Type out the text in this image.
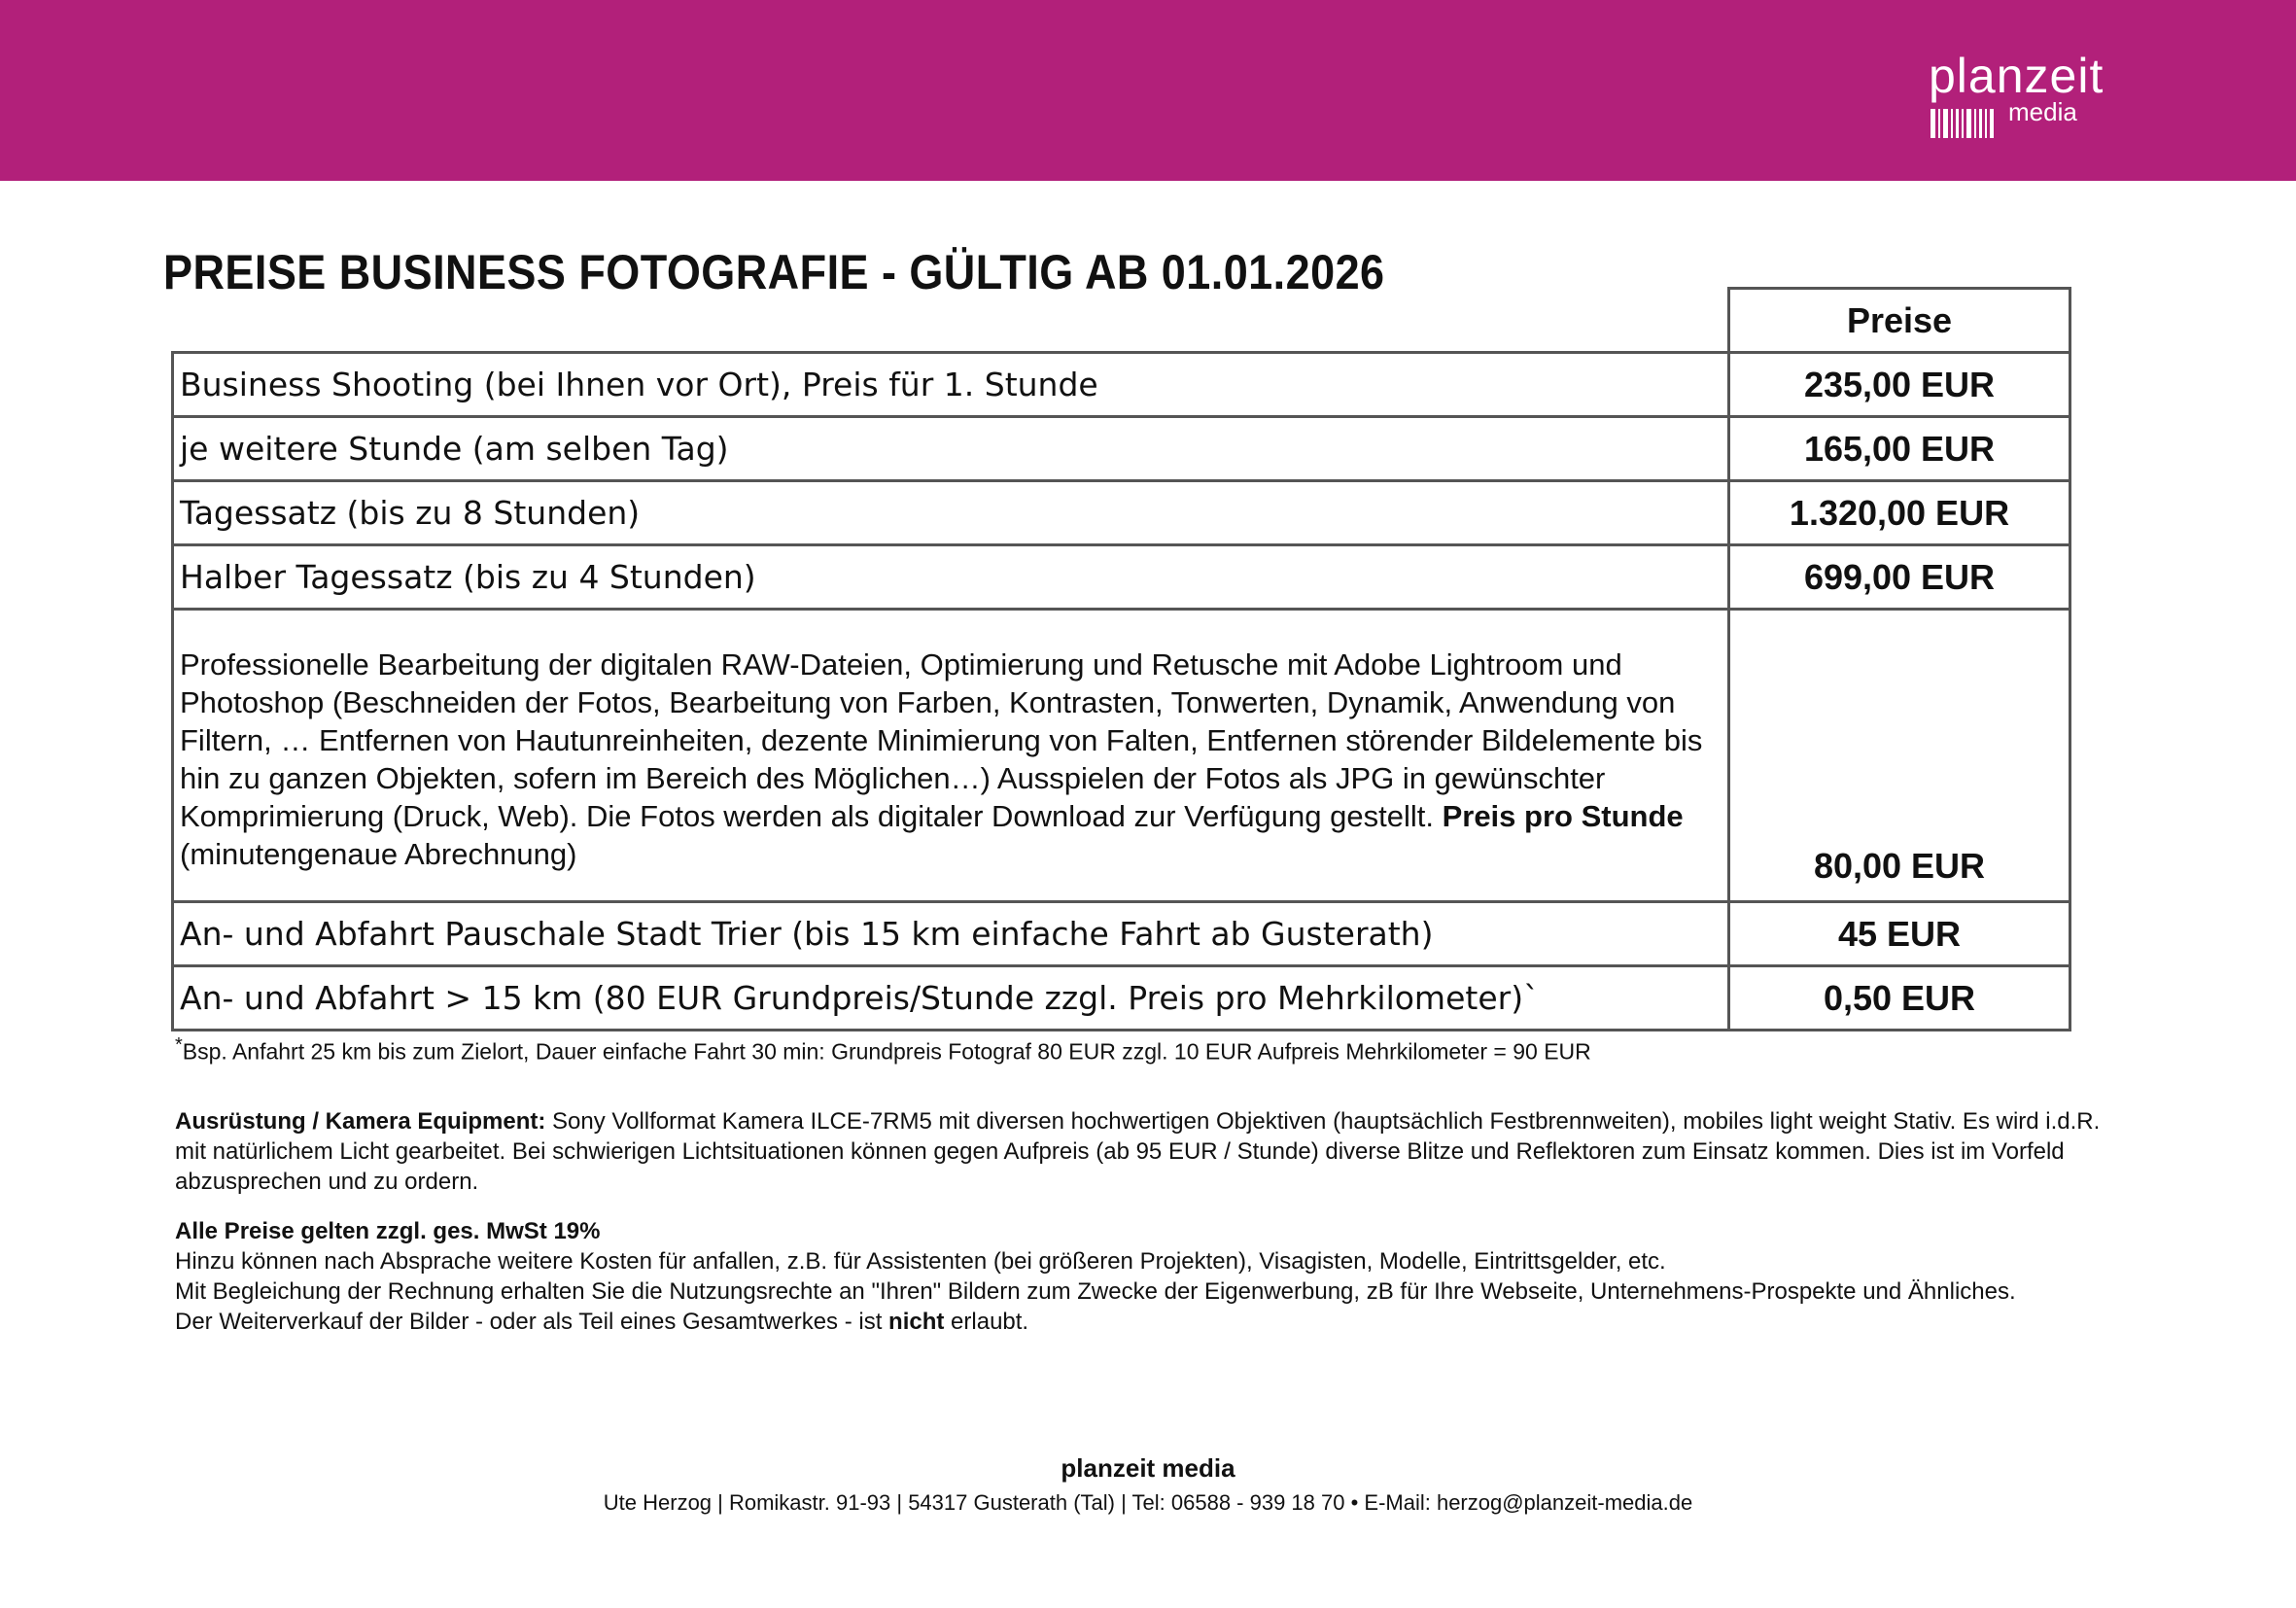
planzeit
media
PREISE BUSINESS FOTOGRAFIE - GÜLTIG AB 01.01.2026
	Preise
Business Shooting (bei Ihnen vor Ort), Preis für 1. Stunde	235,00 EUR
je weitere Stunde (am selben Tag)	165,00 EUR
Tagessatz (bis zu 8 Stunden)	1.320,00 EUR
Halber Tagessatz (bis zu 4 Stunden)	699,00 EUR
Professionelle Bearbeitung der digitalen RAW-Dateien, Optimierung und Retusche mit Adobe Lightroom und Photoshop (Beschneiden der Fotos, Bearbeitung von Farben, Kontrasten, Tonwerten, Dynamik, Anwendung von Filtern, … Entfernen von Hautunreinheiten, dezente Minimierung von Falten, Entfernen störender Bildelemente bis hin zu ganzen Objekten, sofern im Bereich des Möglichen…) Ausspielen der Fotos als JPG in gewünschter Komprimierung (Druck, Web). Die Fotos werden als digitaler Download zur Verfügung gestellt. Preis pro Stunde (minutengenaue Abrechnung)	80,00 EUR
An- und Abfahrt Pauschale Stadt Trier (bis 15 km einfache Fahrt ab Gusterath)	45 EUR
An- und Abfahrt > 15 km (80 EUR Grundpreis/Stunde zzgl. Preis pro Mehrkilometer)`	0,50 EUR
*Bsp. Anfahrt 25 km bis zum Zielort, Dauer einfache Fahrt 30 min: Grundpreis Fotograf 80 EUR zzgl. 10 EUR Aufpreis Mehrkilometer = 90 EUR

Ausrüstung / Kamera Equipment: Sony Vollformat Kamera ILCE-7RM5 mit diversen hochwertigen Objektiven (hauptsächlich Festbrennweiten), mobiles light weight Stativ. Es wird i.d.R. mit natürlichem Licht gearbeitet. Bei schwierigen Lichtsituationen können gegen Aufpreis (ab 95 EUR / Stunde) diverse Blitze und Reflektoren zum Einsatz kommen. Dies ist im Vorfeld abzusprechen und zu ordern.

Alle Preise gelten zzgl. ges. MwSt 19%

Hinzu können nach Absprache weitere Kosten für anfallen, z.B. für Assistenten (bei größeren Projekten), Visagisten, Modelle, Eintrittsgelder, etc.

Mit Begleichung der Rechnung erhalten Sie die Nutzungsrechte an "Ihren" Bildern zum Zwecke der Eigenwerbung, zB für Ihre Webseite, Unternehmens-Prospekte und Ähnliches.

Der Weiterverkauf der Bilder - oder als Teil eines Gesamtwerkes - ist nicht erlaubt.

planzeit media
Ute Herzog | Romikastr. 91-93 | 54317 Gusterath (Tal) | Tel: 06588 - 939 18 70 • E-Mail: herzog@planzeit-media.de
